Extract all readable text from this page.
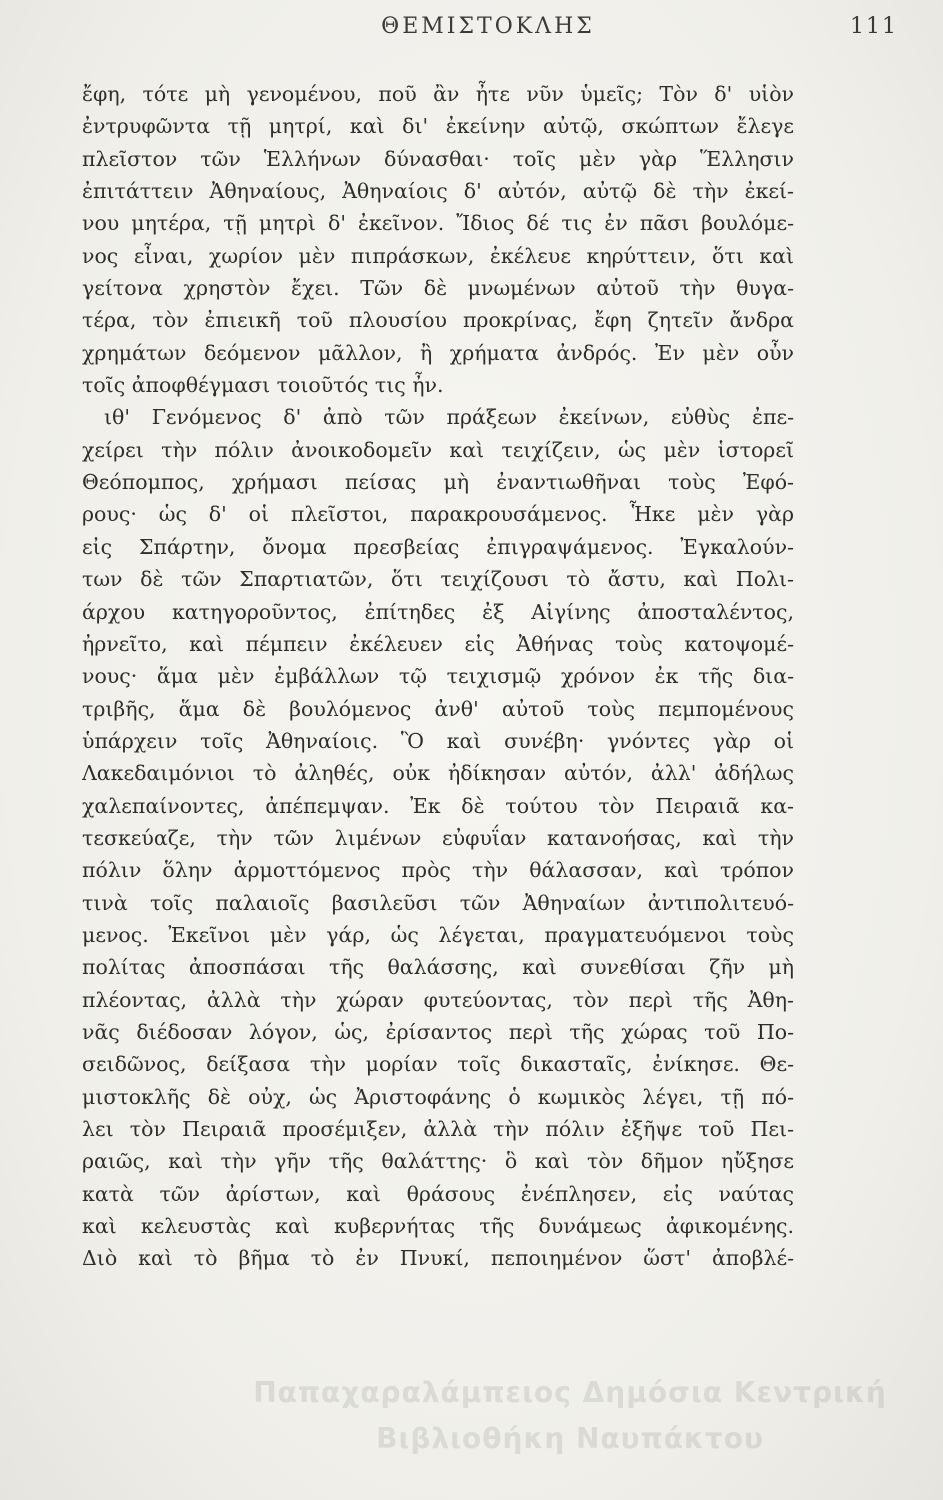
ΘΕΜΙΣΤΟΚΛΗΣ	111
ἔφη, τότε μὴ γενομένου, ποῦ ἂν ἦτε νῦν ὑμεῖς; Τὸν δ' υἱὸν
ἐντρυφῶντα τῇ μητρί, καὶ δι' ἐκείνην αὐτῷ, σκώπτων ἔλεγε
πλεῖστον τῶν Ἑλλήνων δύνασθαι· τοῖς μὲν γὰρ Ἕλλησιν
ἐπιτάττειν Ἀθηναίους, Ἀθηναίοις δ' αὐτόν, αὐτῷ δὲ τὴν ἐκεί-
νου μητέρα, τῇ μητρὶ δ' ἐκεῖνον. Ἴδιος δέ τις ἐν πᾶσι βουλόμε-
νος εἶναι, χωρίον μὲν πιπράσκων, ἐκέλευε κηρύττειν, ὅτι καὶ
γείτονα χρηστὸν ἔχει. Τῶν δὲ μνωμένων αὐτοῦ τὴν θυγα-
τέρα, τὸν ἐπιεικῆ τοῦ πλουσίου προκρίνας, ἔφη ζητεῖν ἄνδρα
χρημάτων δεόμενον μᾶλλον, ἢ χρήματα ἀνδρός. Ἐν μὲν οὖν
τοῖς ἀποφθέγμασι τοιοῦτός τις ἦν.
ιθ' Γενόμενος δ' ἀπὸ τῶν πράξεων ἐκείνων, εὐθὺς ἐπε-
χείρει τὴν πόλιν ἀνοικοδομεῖν καὶ τειχίζειν, ὡς μὲν ἱστορεῖ
Θεόπομπος, χρήμασι πείσας μὴ ἐναντιωθῆναι τοὺς Ἐφό-
ρους· ὡς δ' οἱ πλεῖστοι, παρακρουσάμενος. Ἧκε μὲν γὰρ
εἰς Σπάρτην, ὄνομα πρεσβείας ἐπιγραψάμενος. Ἐγκαλούν-
των δὲ τῶν Σπαρτιατῶν, ὅτι τειχίζουσι τὸ ἄστυ, καὶ Πολι-
άρχου κατηγοροῦντος, ἐπίτηδες ἐξ Αἰγίνης ἀποσταλέντος,
ἠρνεῖτο, καὶ πέμπειν ἐκέλευεν εἰς Ἀθήνας τοὺς κατοψομέ-
νους· ἅμα μὲν ἐμβάλλων τῷ τειχισμῷ χρόνον ἐκ τῆς δια-
τριβῆς, ἅμα δὲ βουλόμενος ἀνθ' αὐτοῦ τοὺς πεμπομένους
ὑπάρχειν τοῖς Ἀθηναίοις. Ὃ καὶ συνέβη· γνόντες γὰρ οἱ
Λακεδαιμόνιοι τὸ ἀληθές, οὐκ ἠδίκησαν αὐτόν, ἀλλ' ἀδήλως
χαλεπαίνοντες, ἀπέπεμψαν. Ἐκ δὲ τούτου τὸν Πειραιᾶ κα-
τεσκεύαζε, τὴν τῶν λιμένων εὐφυΐαν κατανοήσας, καὶ τὴν
πόλιν ὅλην ἁρμοττόμενος πρὸς τὴν θάλασσαν, καὶ τρόπον
τινὰ τοῖς παλαιοῖς βασιλεῦσι τῶν Ἀθηναίων ἀντιπολιτευό-
μενος. Ἐκεῖνοι μὲν γάρ, ὡς λέγεται, πραγματευόμενοι τοὺς
πολίτας ἀποσπάσαι τῆς θαλάσσης, καὶ συνεθίσαι ζῆν μὴ
πλέοντας, ἀλλὰ τὴν χώραν φυτεύοντας, τὸν περὶ τῆς Ἀθη-
νᾶς διέδοσαν λόγον, ὡς, ἐρίσαντος περὶ τῆς χώρας τοῦ Πο-
σειδῶνος, δείξασα τὴν μορίαν τοῖς δικασταῖς, ἐνίκησε. Θε-
μιστοκλῆς δὲ οὐχ, ὡς Ἀριστοφάνης ὁ κωμικὸς λέγει, τῇ πό-
λει τὸν Πειραιᾶ προσέμιξεν, ἀλλὰ τὴν πόλιν ἐξῆψε τοῦ Πει-
ραιῶς, καὶ τὴν γῆν τῆς θαλάττης· ὃ καὶ τὸν δῆμον ηὔξησε
κατὰ τῶν ἀρίστων, καὶ θράσους ἐνέπλησεν, εἰς ναύτας
καὶ κελευστὰς καὶ κυβερνήτας τῆς δυνάμεως ἀφικομένης.
Διὸ καὶ τὸ βῆμα τὸ ἐν Πνυκί, πεποιημένον ὥστ' ἀποβλέ-
Παπαχαραλάμπειος Δημόσια Κεντρική
Βιβλιοθήκη Ναυπάκτου
